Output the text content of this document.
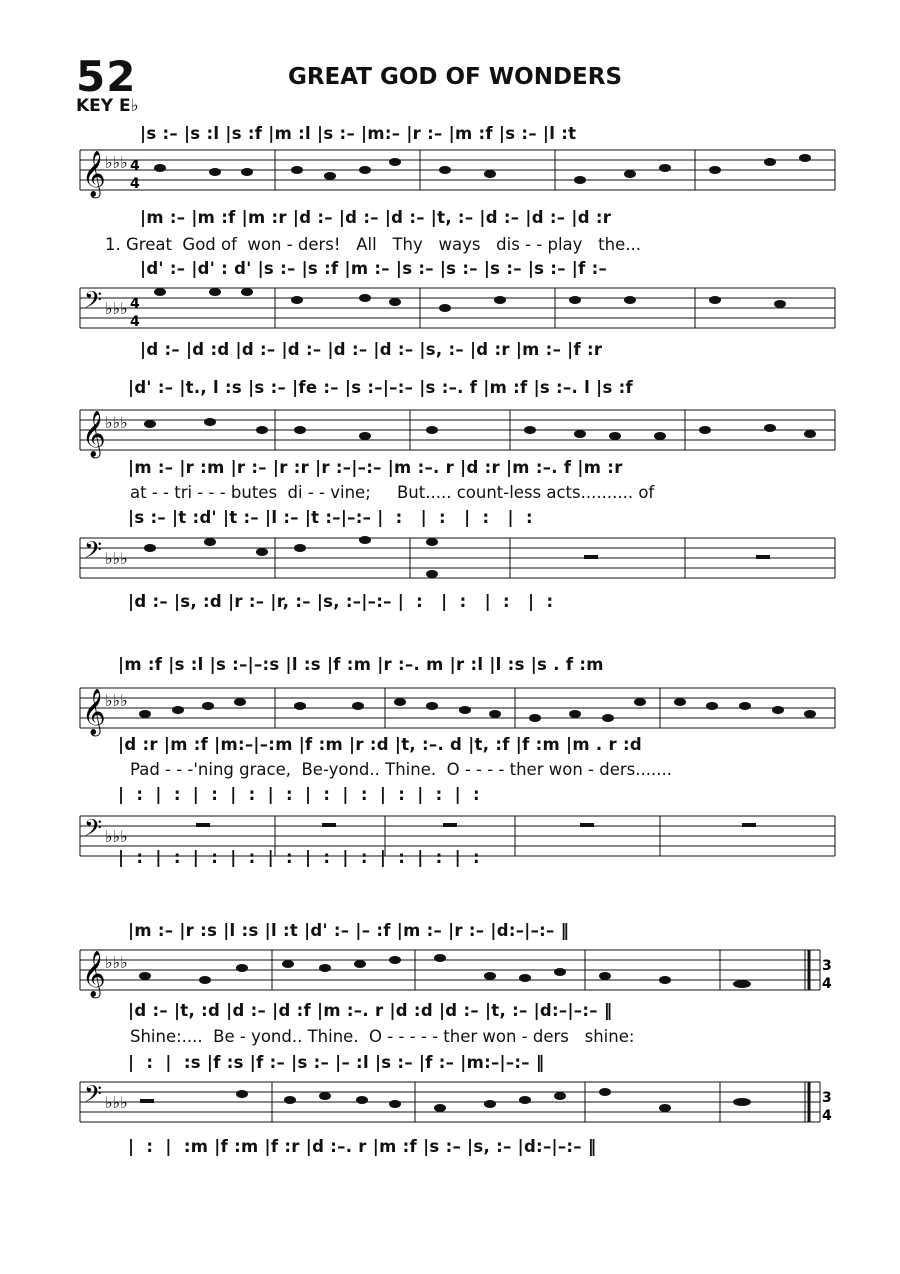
52
KEY E♭
GREAT GOD OF WONDERS
|s :– |s :l |s :f |m :l |s :– |m:– |r :– |m :f |s :– |l :t
𝄞 ♭♭♭ 4
4
|m :– |m :f |m :r |d :– |d :– |d :– |t, :– |d :– |d :– |d :r
1. Great  God of  won - ders!   All   Thy   ways   dis - - play   the...
|d' :– |d' : d' |s :– |s :f |m :– |s :– |s :– |s :– |s :– |f :–
𝄢 ♭♭♭ 4
4
|d :– |d :d |d :– |d :– |d :– |d :– |s, :– |d :r |m :– |f :r
|d' :– |t., l :s |s :– |fe :– |s :–|–:– |s :–. f |m :f |s :–. l |s :f
𝄞 ♭♭♭
|m :– |r :m |r :– |r :r |r :–|–:– |m :–. r |d :r |m :–. f |m :r
at - - tri - - - butes  di - - vine;     But..... count-less acts.......... of
|s :– |t :d' |t :– |l :– |t :–|–:– |  :   |  :   |  :   |  :
𝄢 ♭♭♭
|d :– |s, :d |r :– |r, :– |s, :–|–:– |  :   |  :   |  :   |  :
|m :f |s :l |s :–|–:s |l :s |f :m |r :–. m |r :l |l :s |s . f :m
𝄞 ♭♭♭
|d :r |m :f |m:–|–:m |f :m |r :d |t, :–. d |t, :f |f :m |m . r :d
Pad - - -'ning grace,  Be-yond.. Thine.  O - - - - ther won - ders.......
|  :  |  :  |  :  |  :  |  :  |  :  |  :  |  :  |  :  |  :
𝄢 ♭♭♭
|  :  |  :  |  :  |  :  |  :  |  :  |  :  |  :  |  :  |  :
|m :– |r :s |l :s |l :t |d' :– |– :f |m :– |r :– |d:–|–:– ‖
𝄞 ♭♭♭	3
4
|d :– |t, :d |d :– |d :f |m :–. r |d :d |d :– |t, :– |d:–|–:– ‖
Shine:....  Be - yond.. Thine.  O - - - - - ther won - ders   shine:
|  :  |  :s |f :s |f :– |s :– |– :l |s :– |f :– |m:–|–:– ‖
𝄢 ♭♭♭	3
4
|  :  |  :m |f :m |f :r |d :–. r |m :f |s :– |s, :– |d:–|–:– ‖
